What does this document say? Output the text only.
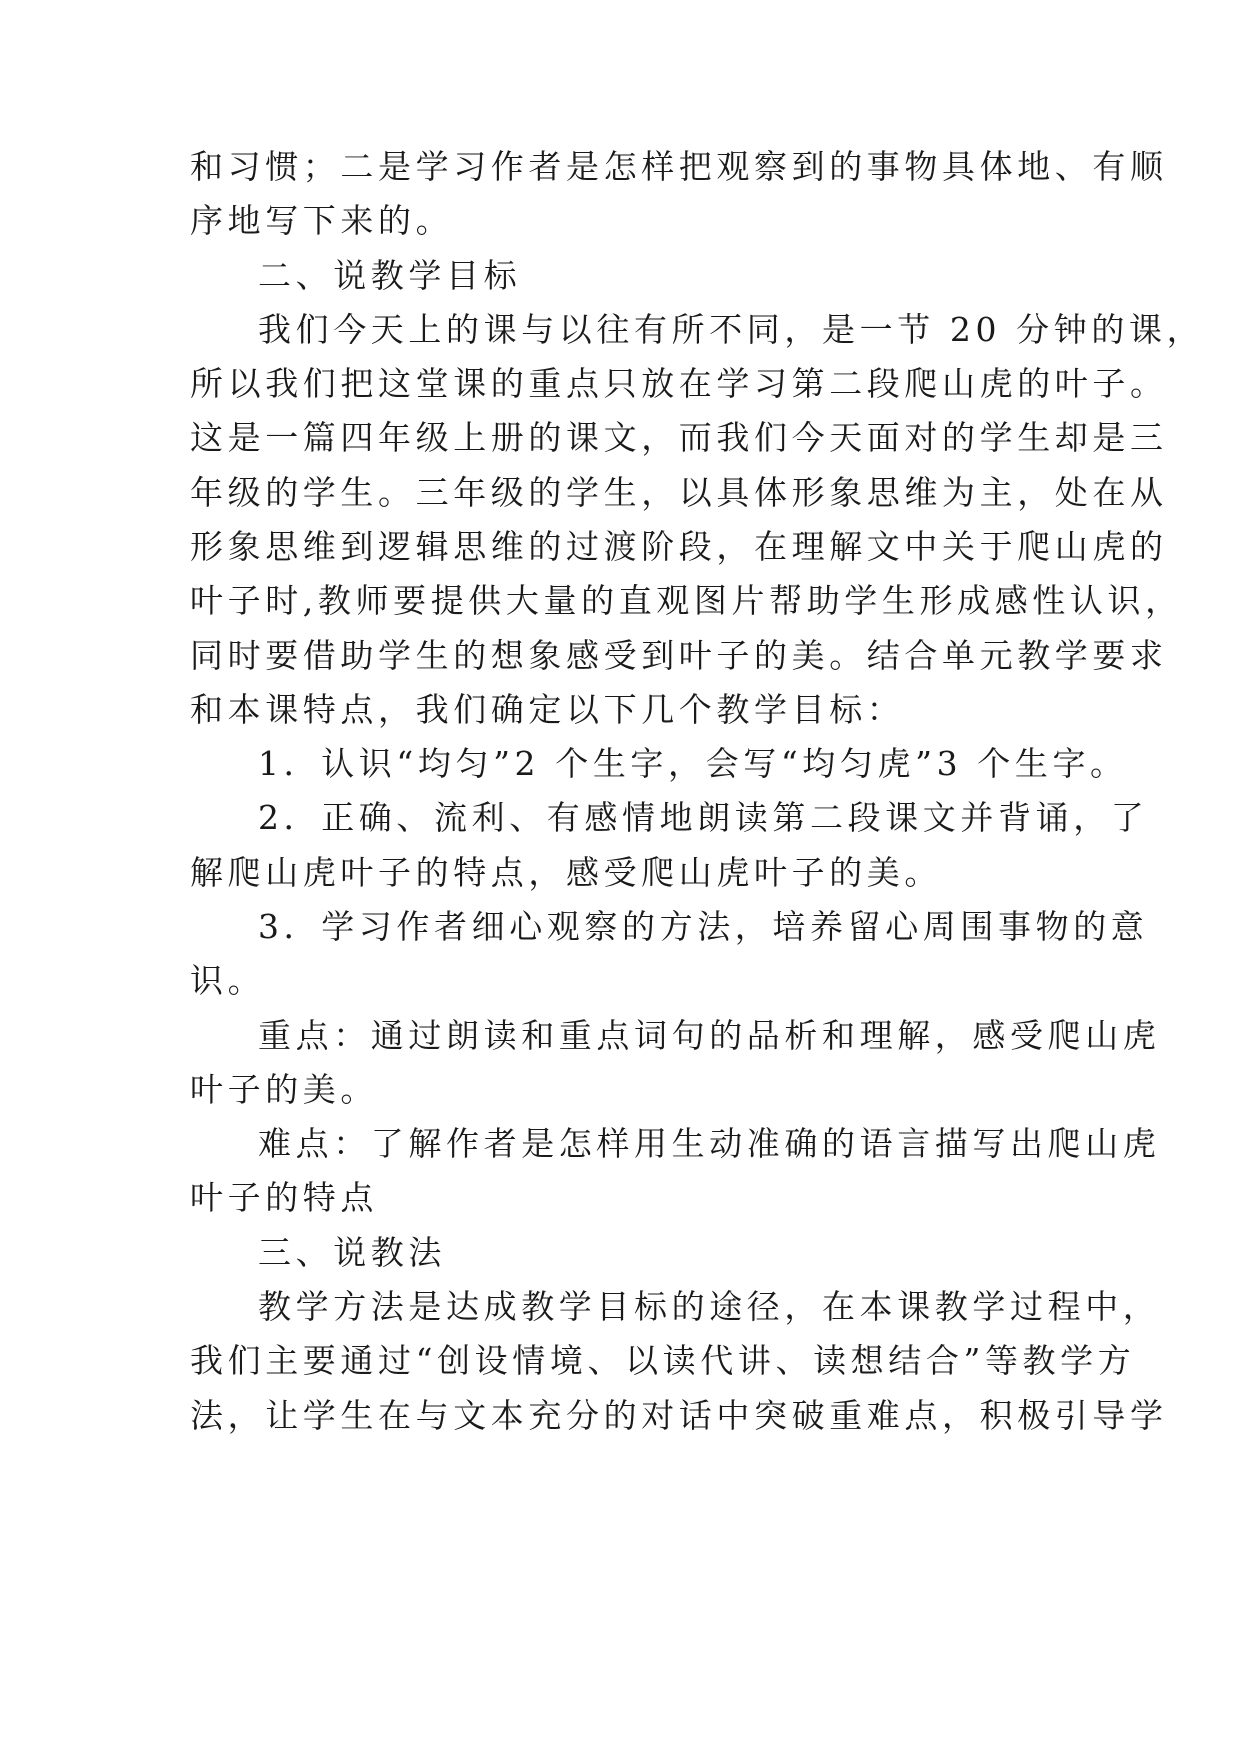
和习惯；二是学习作者是怎样把观察到的事物具体地、有顺
序地写下来的。
二、说教学目标
我们今天上的课与以往有所不同，是一节 20 分钟的课，
所以我们把这堂课的重点只放在学习第二段爬山虎的叶子。
这是一篇四年级上册的课文，而我们今天面对的学生却是三
年级的学生。三年级的学生，以具体形象思维为主，处在从
形象思维到逻辑思维的过渡阶段，在理解文中关于爬山虎的
叶子时,教师要提供大量的直观图片帮助学生形成感性认识，
同时要借助学生的想象感受到叶子的美。结合单元教学要求
和本课特点，我们确定以下几个教学目标：
1．认识“均匀”2 个生字，会写“均匀虎”3 个生字。
2．正确、流利、有感情地朗读第二段课文并背诵，了
解爬山虎叶子的特点，感受爬山虎叶子的美。
3．学习作者细心观察的方法，培养留心周围事物的意
识。
重点：通过朗读和重点词句的品析和理解，感受爬山虎
叶子的美。
难点：了解作者是怎样用生动准确的语言描写出爬山虎
叶子的特点
三、说教法
教学方法是达成教学目标的途径，在本课教学过程中，
我们主要通过“创设情境、以读代讲、读想结合”等教学方
法，让学生在与文本充分的对话中突破重难点，积极引导学
